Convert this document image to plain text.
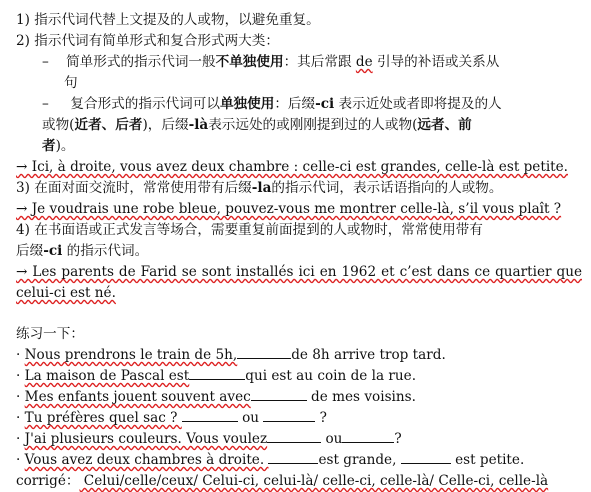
1) 指示代词代替上文提及的人或物，以避免重复。
2) 指示代词有简单形式和复合形式两大类：
– 简单形式的指示代词一般不单独使用：其后常跟 de 引导的补语或关系从
句
– 复合形式的指示代词可以单独使用：后缀-ci 表示近处或者即将提及的人
或物(近者、后者)，后缀-là表示远处的或刚刚提到过的人或物(远者、前
者)。
→ Ici, à droite, vous avez deux chambre : celle-ci est grandes, celle-là est petite.
3) 在面对面交流时，常常使用带有后缀-la的指示代词，表示话语指向的人或物。
→ Je voudrais une robe bleue, pouvez-vous me montrer celle-là, s’il vous plaît ?
4) 在书面语或正式发言等场合，需要重复前面提到的人或物时，常常使用带有
后缀-ci 的指示代词。
→ Les parents de Farid se sont installés ici en 1962 et c’est dans ce quartier que
celui-ci est né.
练习一下：
· Nous prendrons le train de 5h,	de 8h arrive trop tard.
· La maison de Pascal est	qui est au coin de la rue.
· Mes enfants jouent souvent avec	de mes voisins.
· Tu préfères quel sac ?	ou	?
· J'ai plusieurs couleurs. Vous voulez	ou	?
· Vous avez deux chambres à droite.	est grande,	est petite.
corrigé： Celui/celle/ceux/ Celui-ci, celui-là/ celle-ci, celle-là/ Celle-ci, celle-là
